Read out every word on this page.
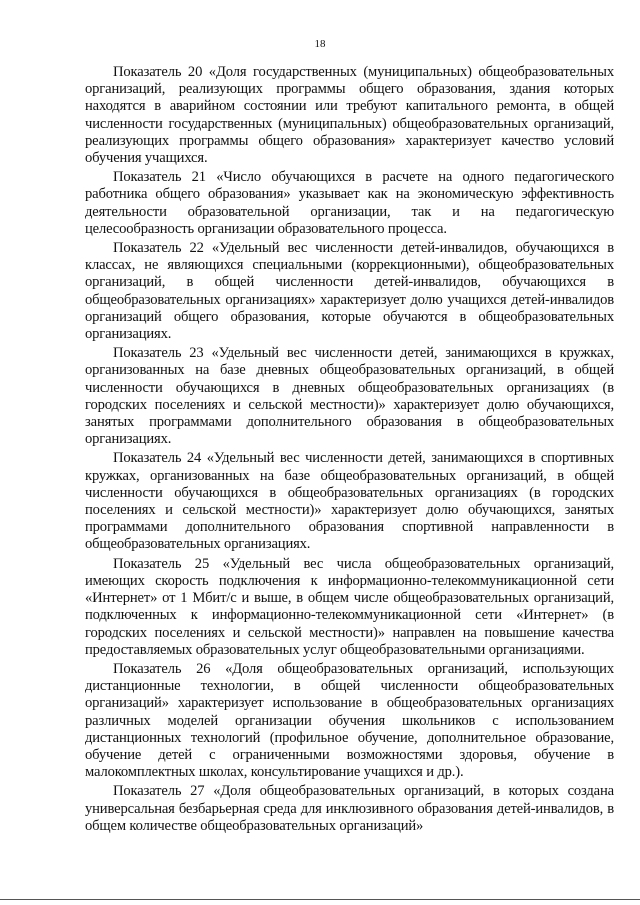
18

Показатель 20 «Доля государственных (муниципальных) общеобразовательных организаций, реализующих программы общего образования, здания которых находятся в аварийном состоянии или требуют капитального ремонта, в общей численности государственных (муниципальных) общеобразовательных организаций, реализующих программы общего образования» характеризует качество условий обучения учащихся.

Показатель 21 «Число обучающихся в расчете на одного педагогического работника общего образования» указывает как на экономическую эффективность деятельности образовательной организации, так и на педагогическую целесообразность организации образовательного процесса.

Показатель 22 «Удельный вес численности детей-инвалидов, обучающихся в классах, не являющихся специальными (коррекционными), общеобразовательных организаций, в общей численности детей-инвалидов, обучающихся в общеобразовательных организациях» характеризует долю учащихся детей-инвалидов организаций общего образования, которые обучаются в общеобразовательных организациях.

Показатель 23 «Удельный вес численности детей, занимающихся в кружках, организованных на базе дневных общеобразовательных организаций, в общей численности обучающихся в дневных общеобразовательных организациях (в городских поселениях и сельской местности)» характеризует долю обучающихся, занятых программами дополнительного образования в общеобразовательных организациях.

Показатель 24 «Удельный вес численности детей, занимающихся в спортивных кружках, организованных на базе общеобразовательных организаций, в общей численности обучающихся в общеобразовательных организациях (в городских поселениях и сельской местности)» характеризует долю обучающихся, занятых программами дополнительного образования спортивной направленности в общеобразовательных организациях.

Показатель 25 «Удельный вес числа общеобразовательных организаций, имеющих скорость подключения к информационно-телекоммуникационной сети «Интернет» от 1 Мбит/с и выше, в общем числе общеобразовательных организаций, подключенных к информационно-телекоммуникационной сети «Интернет» (в городских поселениях и сельской местности)» направлен на повышение качества предоставляемых образовательных услуг общеобразовательными организациями.

Показатель 26 «Доля общеобразовательных организаций, использующих дистанционные технологии, в общей численности общеобразовательных организаций» характеризует использование в общеобразовательных организациях различных моделей организации обучения школьников с использованием дистанционных технологий (профильное обучение, дополнительное образование, обучение детей с ограниченными возможностями здоровья, обучение в малокомплектных школах, консультирование учащихся и др.).

Показатель 27 «Доля общеобразовательных организаций, в которых создана универсальная безбарьерная среда для инклюзивного образования детей-инвалидов, в общем количестве общеобразовательных организаций»
